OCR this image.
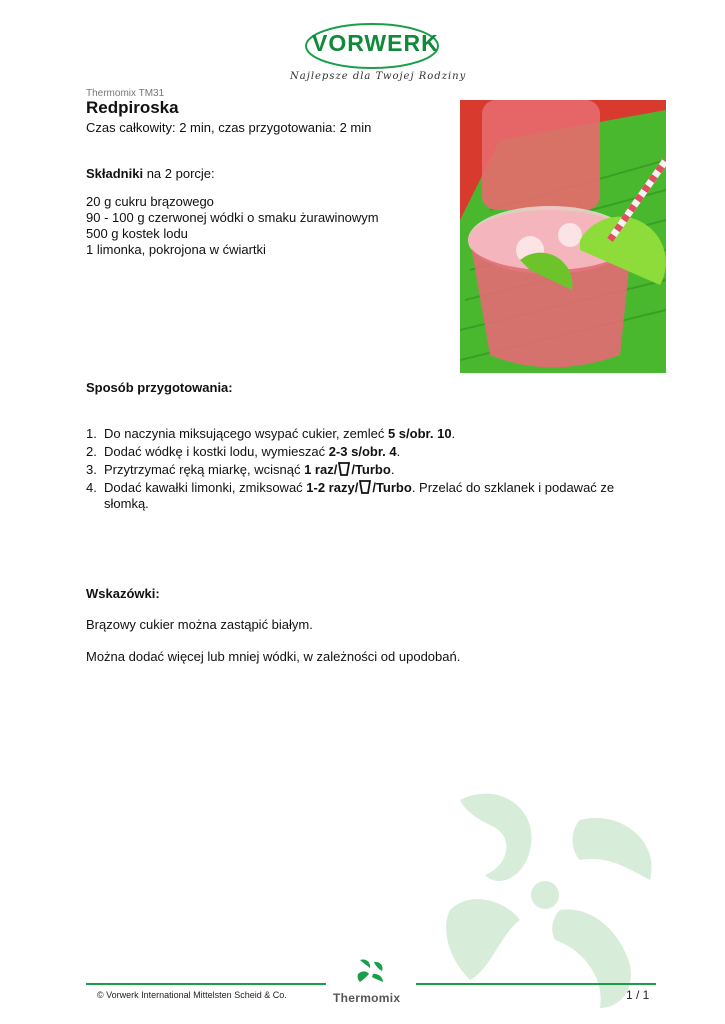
VORWERK
Najlepsze dla Twojej Rodziny
Thermomix TM31
Redpiroska
Czas całkowity: 2 min, czas przygotowania: 2 min
Składniki na 2 porcje:
20 g cukru brązowego
90 - 100 g czerwonej wódki o smaku żurawinowym
500 g kostek lodu
1 limonka, pokrojona w ćwiartki
Sposób przygotowania:
1. Do naczynia miksującego wsypać cukier, zemleć 5 s/obr. 10.
2. Dodać wódkę i kostki lodu, wymieszać 2-3 s/obr. 4.
3. Przytrzymać ręką miarkę, wcisnąć 1 raz/ /Turbo.
4. Dodać kawałki limonki, zmiksować 1-2 razy/ /Turbo. Przelać do szklanek i podawać ze słomką.
Wskazówki:
Brązowy cukier można zastąpić białym.
Można dodać więcej lub mniej wódki, w zależności od upodobań.
Thermomix
© Vorwerk International Mittelsten Scheid & Co.	1 / 1
